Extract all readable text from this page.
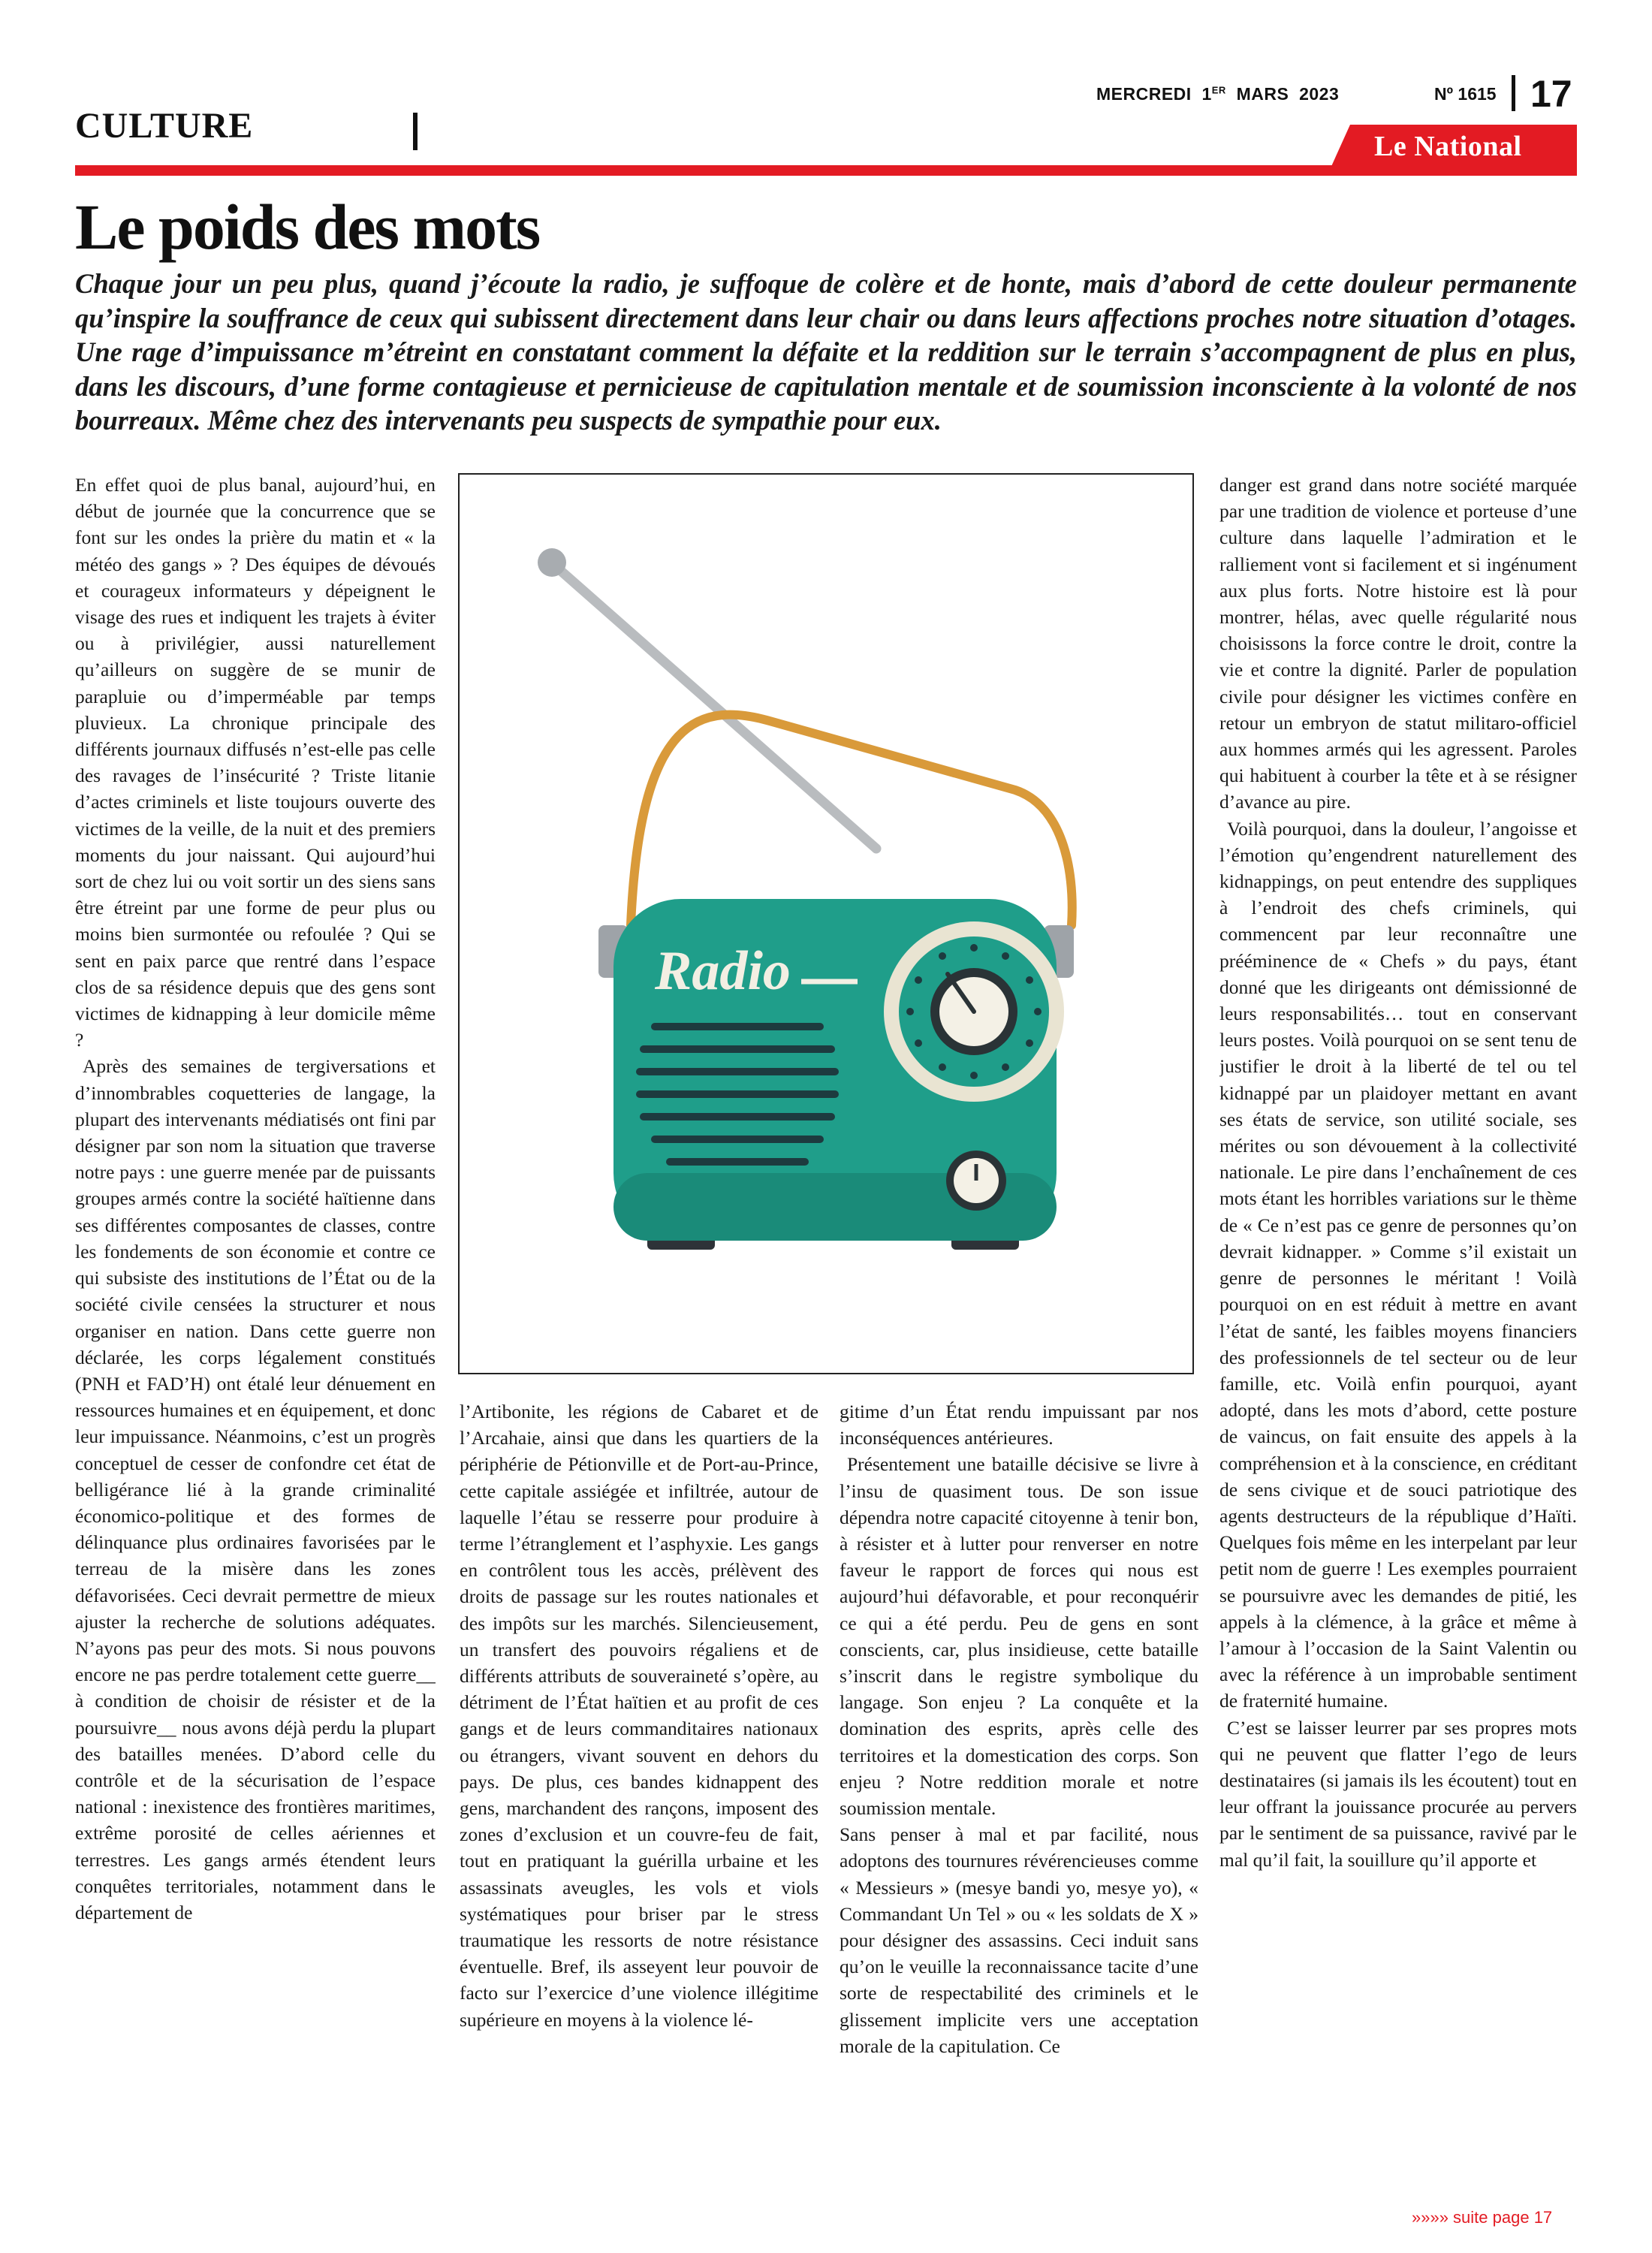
CULTURE
MERCREDI 1ER MARS  2023	Nº 1615 17
Le National
Le poids des mots
Chaque jour un peu plus, quand j’écoute la radio, je suffoque de colère et de honte, mais d’abord de cette douleur permanente qu’inspire la souffrance de ceux qui subissent directement dans leur chair ou dans leurs affections proches notre situation d’otages. Une rage d’impuissance m’étreint en constatant comment la défaite et la reddition sur le terrain s’accompagnent de plus en plus, dans les discours, d’une forme contagieuse et pernicieuse de capitulation mentale et de soumission inconsciente à la volonté de nos bourreaux. Même chez des intervenants peu suspects de sympathie pour eux.

En effet quoi de plus banal, aujourd’hui, en début de journée que la concurrence que se font sur les ondes la prière du matin et « la météo des gangs » ? Des équipes de dévoués et courageux informateurs y dépeignent le visage des rues et indiquent les trajets à éviter ou à privilégier, aussi naturellement qu’ailleurs on suggère de se munir de parapluie ou d’imperméable par temps pluvieux. La chronique principale des différents journaux diffusés n’est-elle pas celle des ravages de l’insécurité ? Triste litanie d’actes criminels et liste toujours ouverte des victimes de la veille, de la nuit et des premiers moments du jour naissant. Qui aujourd’hui sort de chez lui ou voit sortir un des siens sans être étreint par une forme de peur plus ou moins bien surmontée ou refoulée ? Qui se sent en paix parce que rentré dans l’espace clos de sa résidence depuis que des gens sont victimes de kidnapping à leur domicile même ?

Après des semaines de tergiversations et d’innombrables coquetteries de langage, la plupart des intervenants médiatisés ont fini par désigner par son nom la situation que traverse notre pays : une guerre menée par de puissants groupes armés contre la société haïtienne dans ses différentes composantes de classes, contre les fondements de son économie et contre ce qui subsiste des institutions de l’État ou de la société civile censées la structurer et nous organiser en nation. Dans cette guerre non déclarée, les corps légalement constitués (PNH et FAD’H) ont étalé leur dénuement en ressources humaines et en équipement, et donc leur impuissance. Néanmoins, c’est un progrès conceptuel de cesser de confondre cet état de belligérance lié à la grande criminalité économico-politique et des formes de délinquance plus ordinaires favorisées par le terreau de la misère dans les zones défavorisées. Ceci devrait permettre de mieux ajuster la recherche de solutions adéquates. N’ayons pas peur des mots. Si nous pouvons encore ne pas perdre totalement cette guerre__ à condition de choisir de résister et de la poursuivre__ nous avons déjà perdu la plupart des batailles menées. D’abord celle du contrôle et de la sécurisation de l’espace national : inexistence des frontières maritimes, extrême porosité de celles aériennes et terrestres. Les gangs armés étendent leurs conquêtes territoriales, notamment dans le département de

Radio

l’Artibonite, les régions de Cabaret et de l’Arcahaie, ainsi que dans les quartiers de la périphérie de Pétionville et de Port-au-Prince, cette capitale assiégée et infiltrée, autour de laquelle l’étau se resserre pour produire à terme l’étranglement et l’asphyxie. Les gangs en contrôlent tous les accès, prélèvent des droits de passage sur les routes nationales et des impôts sur les marchés. Silencieusement, un transfert des pouvoirs régaliens et de différents attributs de souveraineté s’opère, au détriment de l’État haïtien et au profit de ces gangs et de leurs commanditaires nationaux ou étrangers, vivant souvent en dehors du pays. De plus, ces bandes kidnappent des gens, marchandent des rançons, imposent des zones d’exclusion et un couvre-feu de fait, tout en pratiquant la guérilla urbaine et les assassinats aveugles, les vols et viols systématiques pour briser par le stress traumatique les ressorts de notre résistance éventuelle. Bref, ils asseyent leur pouvoir de facto sur l’exercice d’une violence illégitime supérieure en moyens à la violence lé-

gitime d’un État rendu impuissant par nos inconséquences antérieures.

Présentement une bataille décisive se livre à l’insu de quasiment tous. De son issue dépendra notre capacité citoyenne à tenir bon, à résister et à lutter pour renverser en notre faveur le rapport de forces qui nous est aujourd’hui défavorable, et pour reconquérir ce qui a été perdu. Peu de gens en sont conscients, car, plus insidieuse, cette bataille s’inscrit dans le registre symbolique du langage. Son enjeu ? La conquête et la domination des esprits, après celle des territoires et la domestication des corps. Son enjeu ? Notre reddition morale et notre soumission mentale.

Sans penser à mal et par facilité, nous adoptons des tournures révérencieuses comme « Messieurs » (mesye bandi yo, mesye yo), « Commandant Un Tel » ou « les soldats de X » pour désigner des assassins. Ceci induit sans qu’on le veuille la reconnaissance tacite d’une sorte de respectabilité des criminels et le glissement implicite vers une acceptation morale de la capitulation. Ce

danger est grand dans notre société marquée par une tradition de violence et porteuse d’une culture dans laquelle l’admiration et le ralliement vont si facilement et si ingénument aux plus forts. Notre histoire est là pour montrer, hélas, avec quelle régularité nous choisissons la force contre le droit, contre la vie et contre la dignité. Parler de population civile pour désigner les victimes confère en retour un embryon de statut militaro-officiel aux hommes armés qui les agressent. Paroles qui habituent à courber la tête et à se résigner d’avance au pire.

Voilà pourquoi, dans la douleur, l’angoisse et l’émotion qu’engendrent naturellement des kidnappings, on peut entendre des suppliques à l’endroit des chefs criminels, qui commencent par leur reconnaître une prééminence de « Chefs » du pays, étant donné que les dirigeants ont démissionné de leurs responsabilités… tout en conservant leurs postes. Voilà pourquoi on se sent tenu de justifier le droit à la liberté de tel ou tel kidnappé par un plaidoyer mettant en avant ses états de service, son utilité sociale, ses mérites ou son dévouement à la collectivité nationale. Le pire dans l’enchaînement de ces mots étant les horribles variations sur le thème de « Ce n’est pas ce genre de personnes qu’on devrait kidnapper. » Comme s’il existait un genre de personnes le méritant ! Voilà pourquoi on en est réduit à mettre en avant l’état de santé, les faibles moyens financiers des professionnels de tel secteur ou de leur famille, etc. Voilà enfin pourquoi, ayant adopté, dans les mots d’abord, cette posture de vaincus, on fait ensuite des appels à la compréhension et à la conscience, en créditant de sens civique et de souci patriotique des agents destructeurs de la république d’Haïti. Quelques fois même en les interpelant par leur petit nom de guerre ! Les exemples pourraient se poursuivre avec les demandes de pitié, les appels à la clémence, à la grâce et même à l’amour à l’occasion de la Saint Valentin ou avec la référence à un improbable sentiment de fraternité humaine.

C’est se laisser leurrer par ses propres mots qui ne peuvent que flatter l’ego de leurs destinataires (si jamais ils les écoutent) tout en leur offrant la jouissance procurée au pervers par le sentiment de sa puissance, ravivé par le mal qu’il fait, la souillure qu’il apporte et

»»»» suite page 17
